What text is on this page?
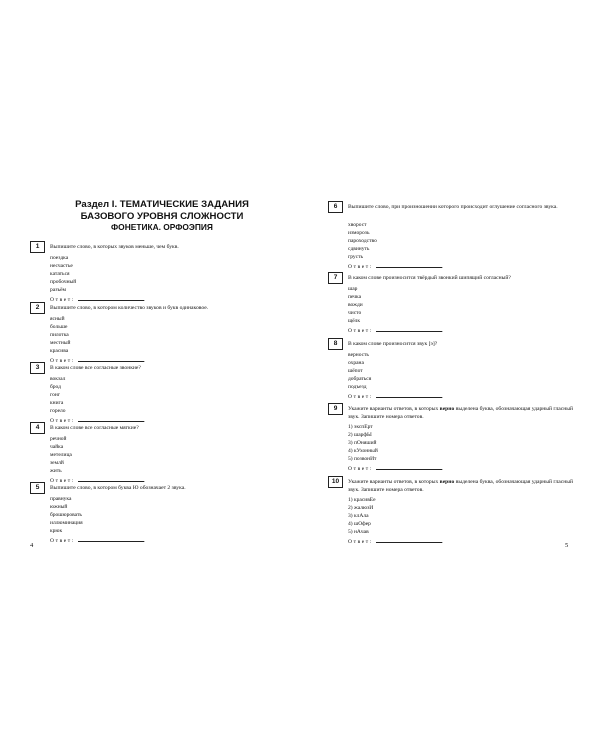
Раздел I. ТЕМАТИЧЕСКИЕ ЗАДАНИЯ
БАЗОВОГО УРОВНЯ СЛОЖНОСТИ
ФОНЕТИКА. ОРФОЭПИЯ
1	Выпишите слово, в которых звуков меньше, чем букв.
поездка
несчастье
кататься
пробочный
разъём
Ответ:	.
2	Выпишите слово, в котором количество звуков и букв одинаковое.
ясный
больше
пилотка
местный
красива
Ответ:	.
3	В каком слове все согласные звонкие?
вокзал
брод
гонг
книга
горело
Ответ:	.
4	В каком слове все согласные мягкие?
речной
чайка
метелица
землй
жить
Ответ:	.
5	Выпишите слово, в котором буква Ю обозначает 2 звука.
правнука
южный
брошюровать
иллюминация
крюк
Ответ:	.
4
6	Выпишите слово, при произношении которого происходит оглушение согласного звука.
хворост
изморозь
пароходство
сдвинуть
грусть
Ответ:	.
7	В каком слове произносится твёрдый звонкий шипящий согласный?
шар
печка
вожди
чисто
щёлк
Ответ:	.
8	В каком слове произносится звук [э]?
верность
охрана
шёпот
добраться
подъезд
Ответ:	.
9	Укажите варианты ответов, в которых верно выделена буква, обозначающая ударный гласный звук. Запишите номера ответов.
1) экспЕрт
2) шарфЫ
3) пОняший
4) кУхонный
5) позвонИт
Ответ:	.
10	Укажите варианты ответов, в которых верно выделена буква, обозначающая ударный гласный звук. Запишите номера ответов.
1) красивЕе
2) жалюзИ
3) клАла
4) шОфер
5) нАчав
Ответ:	.	5
